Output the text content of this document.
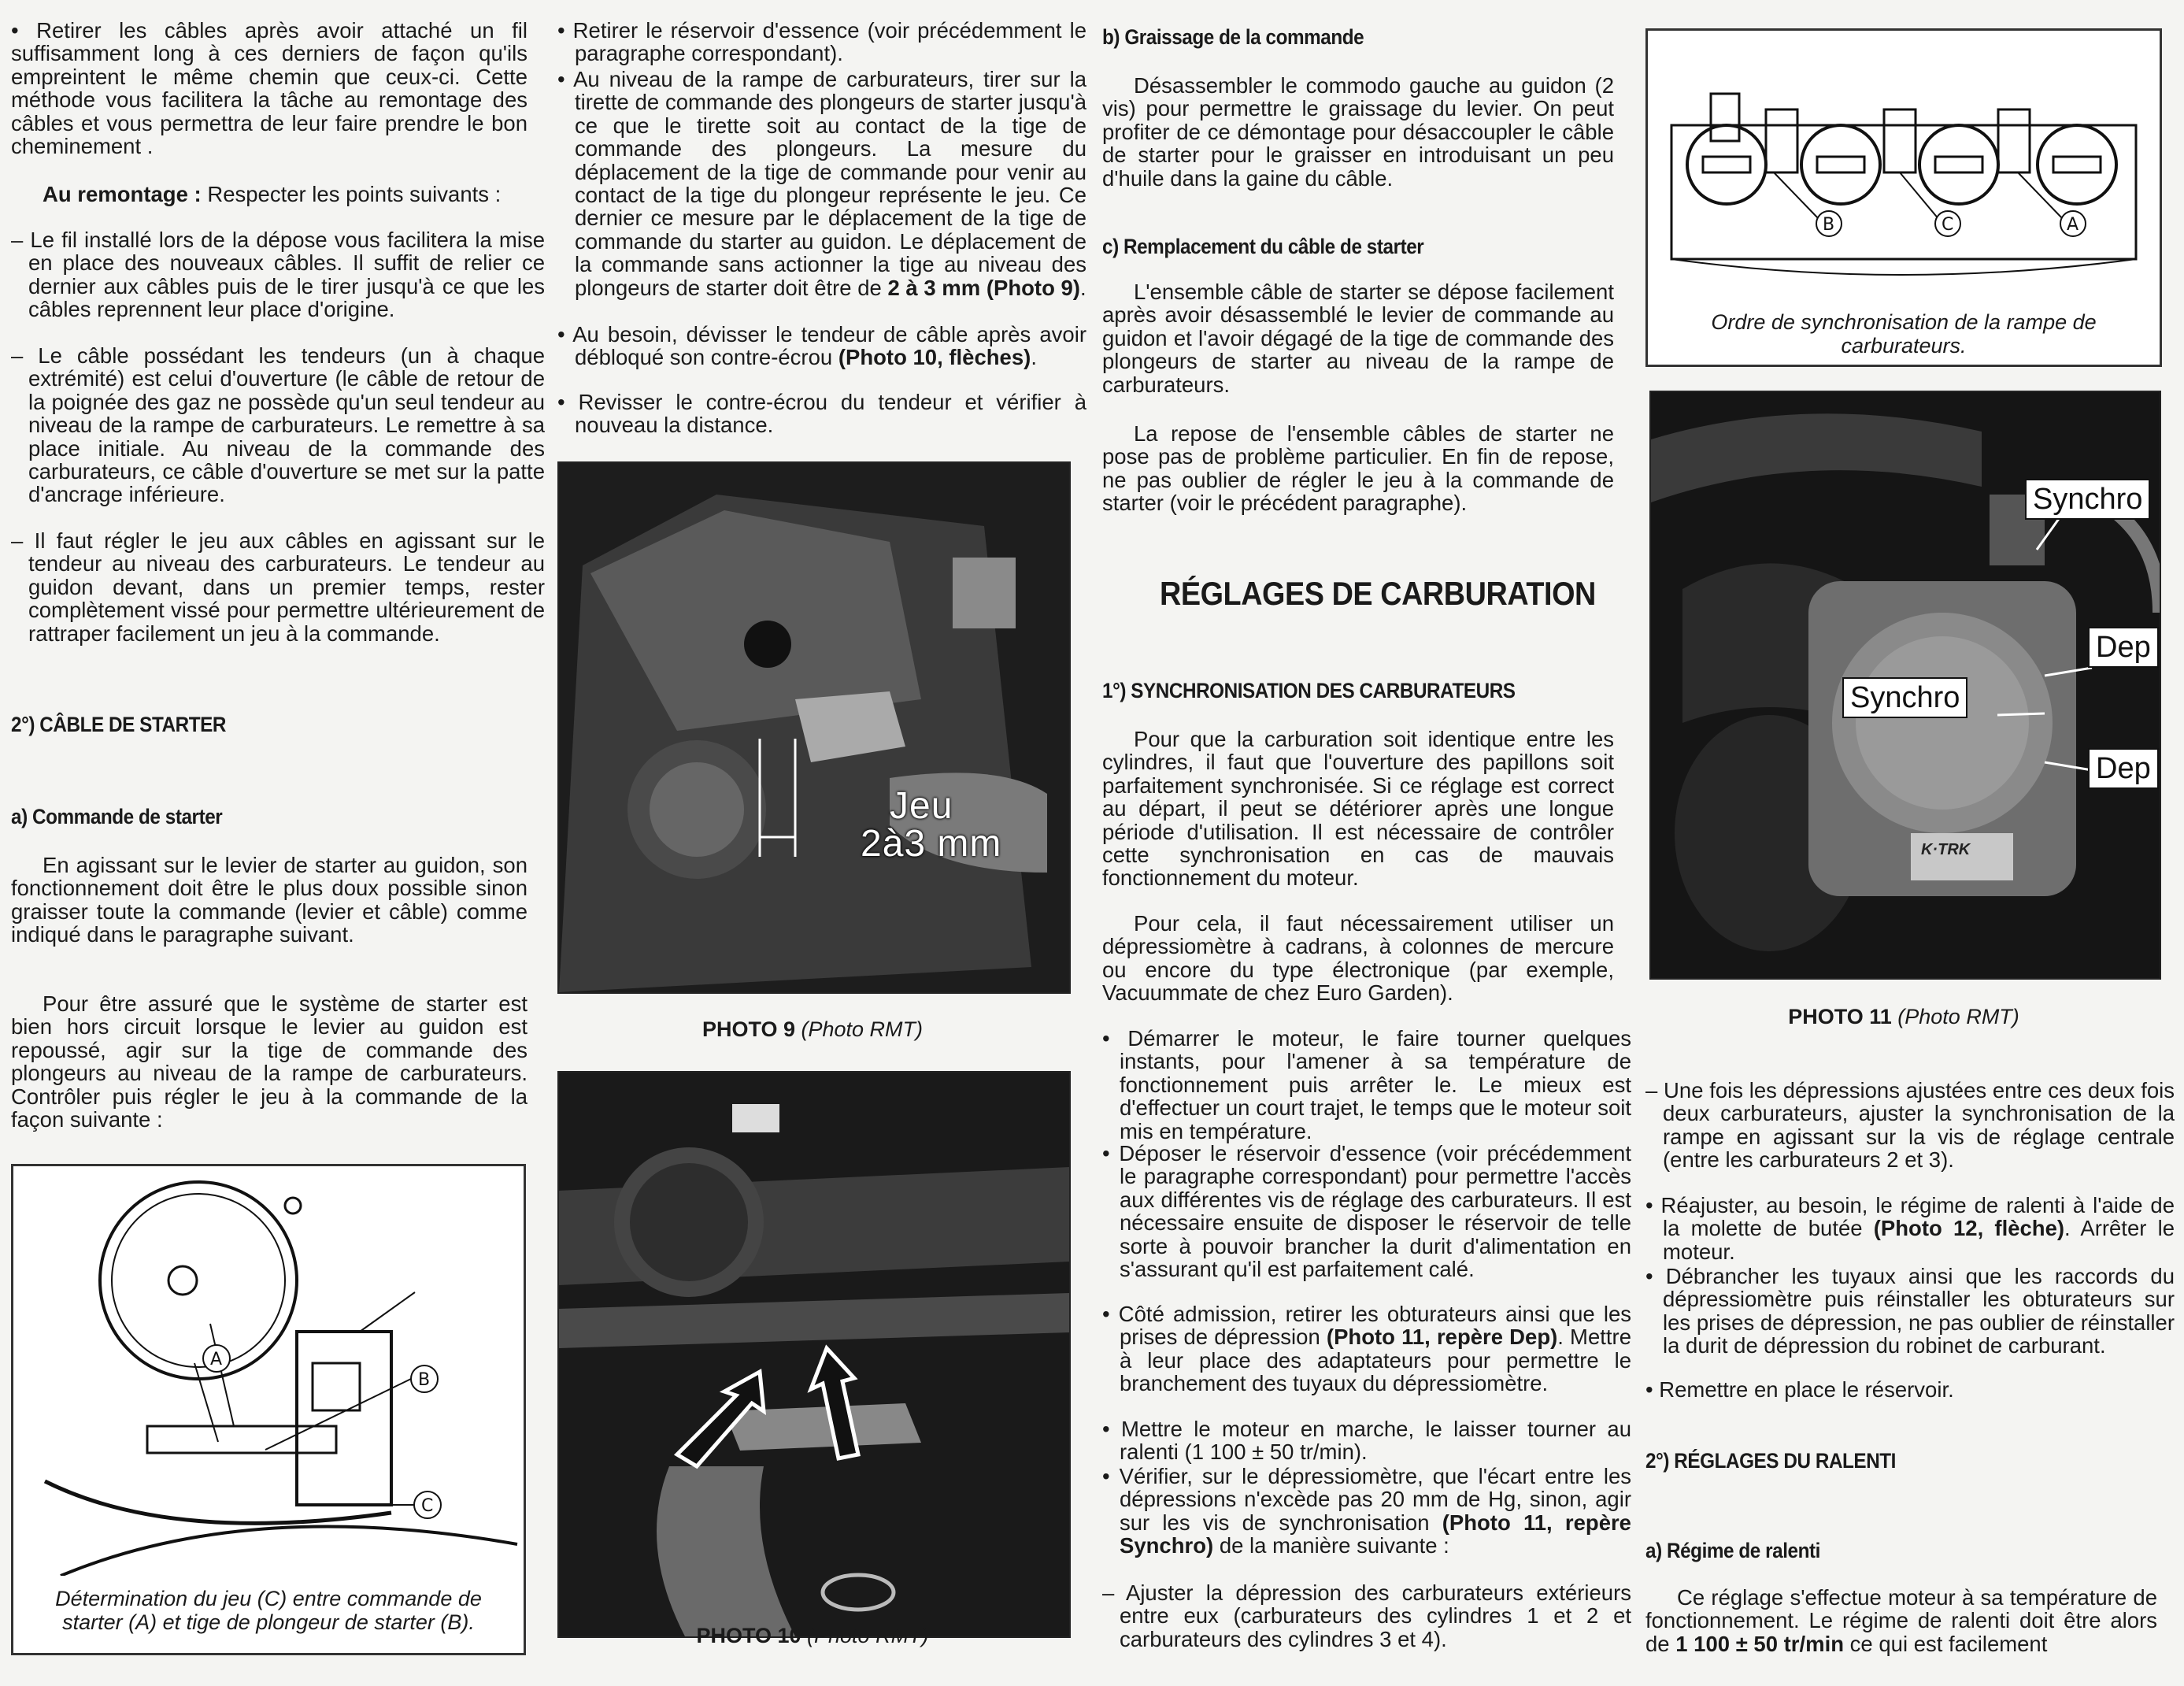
• Retirer les câbles après avoir attaché un fil suffisamment long à ces derniers de façon qu'ils empreintent le même chemin que ceux-ci. Cette méthode vous facilitera la tâche au remontage des câbles et vous permettra de leur faire prendre le bon cheminement .

Au remontage : Respecter les points suivants :

– Le fil installé lors de la dépose vous facilitera la mise en place des nouveaux câbles. Il suffit de relier ce dernier aux câbles puis de le tirer jusqu'à ce que les câbles reprennent leur place d'origine.

– Le câble possédant les tendeurs (un à chaque extrémité) est celui d'ouverture (le câble de retour de la poignée des gaz ne possède qu'un seul tendeur au niveau de la rampe de carburateurs. Le remettre à sa place initiale. Au niveau de la commande des carburateurs, ce câble d'ouverture se met sur la patte d'ancrage inférieure.

– Il faut régler le jeu aux câbles en agissant sur le tendeur au niveau des carburateurs. Le tendeur au guidon devant, dans un premier temps, rester complètement vissé pour permettre ultérieurement de rattraper facilement un jeu à la commande.

2°) CÂBLE DE STARTER
a) Commande de starter

En agissant sur le levier de starter au guidon, son fonctionnement doit être le plus doux possible sinon graisser toute la commande (levier et câble) comme indiqué dans le paragraphe suivant.

Pour être assuré que le système de starter est bien hors circuit lorsque le levier au guidon est repoussé, agir sur la tige de commande des plongeurs au niveau de la rampe de carburateurs. Contrôler puis régler le jeu à la commande de la façon suivante :

A
B
C
Détermination du jeu (C) entre commande de starter (A) et tige de plongeur de starter (B).

• Retirer le réservoir d'essence (voir précédemment le paragraphe correspondant).

• Au niveau de la rampe de carburateurs, tirer sur la tirette de commande des plongeurs de starter jusqu'à ce que le tirette soit au contact de la tige de commande des plongeurs. La mesure du déplacement de la tige de commande pour venir au contact de la tige du plongeur représente le jeu. Ce dernier ce mesure par le déplacement de la tige de commande du starter au guidon. Le déplacement de la commande sans actionner la tige au niveau des plongeurs de starter doit être de 2 à 3 mm (Photo 9).

• Au besoin, dévisser le tendeur de câble après avoir débloqué son contre-écrou (Photo 10, flèches).

• Revisser le contre-écrou du tendeur et vérifier à nouveau la distance.

Jeu
2à3 mm
PHOTO 9 (Photo RMT)
PHOTO 10 (Photo RMT)
b) Graissage de la commande

Désassembler le commodo gauche au guidon (2 vis) pour permettre le graissage du levier. On peut profiter de ce démontage pour désaccoupler le câble de starter pour le graisser en introduisant un peu d'huile dans la gaine du câble.

c) Remplacement du câble de starter

L'ensemble câble de starter se dépose facilement après avoir désassemblé le levier de commande au guidon et l'avoir dégagé de la tige de commande des plongeurs de starter au niveau de la rampe de carburateurs.

La repose de l'ensemble câbles de starter ne pose pas de problème particulier. En fin de repose, ne pas oublier de régler le jeu à la commande de starter (voir le précédent paragraphe).

RÉGLAGES DE CARBURATION
1°) SYNCHRONISATION DES CARBURATEURS

Pour que la carburation soit identique entre les cylindres, il faut que l'ouverture des papillons soit parfaitement synchronisée. Si ce réglage est correct au départ, il peut se détériorer après une longue période d'utilisation. Il est nécessaire de contrôler cette synchronisation en cas de mauvais fonctionnement du moteur.

Pour cela, il faut nécessairement utiliser un dépressiomètre à cadrans, à colonnes de mercure ou encore du type électronique (par exemple, Vacuummate de chez Euro Garden).

• Démarrer le moteur, le faire tourner quelques instants, pour l'amener à sa température de fonctionnement puis arrêter le. Le mieux est d'effectuer un court trajet, le temps que le moteur soit mis en température.

• Déposer le réservoir d'essence (voir précédemment le paragraphe correspondant) pour permettre l'accès aux différentes vis de réglage des carburateurs. Il est nécessaire ensuite de disposer le réservoir de telle sorte à pouvoir brancher la durit d'alimentation en s'assurant qu'il est parfaitement calé.

• Côté admission, retirer les obturateurs ainsi que les prises de dépression (Photo 11, repère Dep). Mettre à leur place des adaptateurs pour permettre le branchement des tuyaux du dépressiomètre.

• Mettre le moteur en marche, le laisser tourner au ralenti (1 100 ± 50 tr/min).

• Vérifier, sur le dépressiomètre, que l'écart entre les dépressions n'excède pas 20 mm de Hg, sinon, agir sur les vis de synchronisation (Photo 11, repère Synchro) de la manière suivante :

– Ajuster la dépression des carburateurs extérieurs entre eux (carburateurs des cylindres 1 et 2 et carburateurs des cylindres 3 et 4).

B	C	A
Ordre de synchronisation de la rampe de carburateurs.
Synchro
Dep
Synchro
Dep
K·TRK
PHOTO 11 (Photo RMT)

– Une fois les dépressions ajustées entre ces deux fois deux carburateurs, ajuster la synchronisation de la rampe en agissant sur la vis de réglage centrale (entre les carburateurs 2 et 3).

• Réajuster, au besoin, le régime de ralenti à l'aide de la molette de butée (Photo 12, flèche). Arrêter le moteur.

• Débrancher les tuyaux ainsi que les raccords du dépressiomètre puis réinstaller les obturateurs sur les prises de dépression, ne pas oublier de réinstaller la durit de dépression du robinet de carburant.

• Remettre en place le réservoir.

2°) RÉGLAGES DU RALENTI
a) Régime de ralenti

Ce réglage s'effectue moteur à sa température de fonctionnement. Le régime de ralenti doit être alors de 1 100 ± 50 tr/min ce qui est facilement
